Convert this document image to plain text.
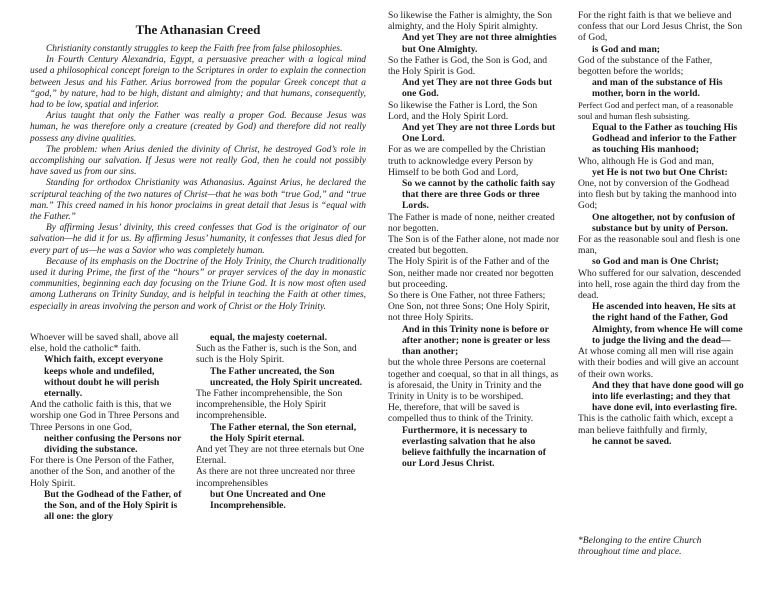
The Athanasian Creed

Christianity constantly struggles to keep the Faith free from false philosophies.

In Fourth Century Alexandria, Egypt, a persuasive preacher with a logical mind used a philosophical concept foreign to the Scriptures in order to explain the connection between Jesus and his Father. Arius borrowed from the popular Greek concept that a “god,” by nature, had to be high, distant and almighty; and that humans, consequently, had to be low, spatial and inferior.

Arius taught that only the Father was really a proper God. Because Jesus was human, he was therefore only a creature (created by God) and therefore did not really possess any divine qualities.

The problem: when Arius denied the divinity of Christ, he destroyed God’s role in accomplishing our salvation. If Jesus were not really God, then he could not possibly have saved us from our sins.

Standing for orthodox Christianity was Athanasius. Against Arius, he declared the scriptural teaching of the two natures of Christ—that he was both “true God,” and “true man.” This creed named in his honor proclaims in great detail that Jesus is “equal with the Father.”

By affirming Jesus’ divinity, this creed confesses that God is the originator of our salvation—he did it for us. By affirming Jesus’ humanity, it confesses that Jesus died for every part of us—he was a Savior who was completely human.

Because of its emphasis on the Doctrine of the Holy Trinity, the Church traditionally used it during Prime, the first of the “hours” or prayer services of the day in monastic communities, beginning each day focusing on the Triune God. It is now most often used among Lutherans on Trinity Sunday, and is helpful in teaching the Faith at other times, especially in areas involving the person and work of Christ or the Holy Trinity.

Whoever will be saved shall, above all else, hold the catholic* faith.
Which faith, except everyone keeps whole and undefiled, without doubt he will perish eternally.
And the catholic faith is this, that we worship one God in Three Persons and Three Persons in one God,
neither confusing the Persons nor dividing the substance.
For there is One Person of the Father, another of the Son, and another of the Holy Spirit.
But the Godhead of the Father, of the Son, and of the Holy Spirit is all one: the glory
equal, the majesty coeternal.
Such as the Father is, such is the Son, and such is the Holy Spirit.
The Father uncreated, the Son uncreated, the Holy Spirit uncreated.
The Father incomprehensible, the Son incomprehensible, the Holy Spirit incomprehensible.
The Father eternal, the Son eternal, the Holy Spirit eternal.
And yet They are not three eternals but One Eternal.
As there are not three uncreated nor three incomprehensibles
but One Uncreated and One Incomprehensible.
So likewise the Father is almighty, the Son almighty, and the Holy Spirit almighty.
And yet They are not three almighties but One Almighty.
So the Father is God, the Son is God, and the Holy Spirit is God.
And yet They are not three Gods but one God.
So likewise the Father is Lord, the Son Lord, and the Holy Spirit Lord.
And yet They are not three Lords but One Lord.
For as we are compelled by the Christian truth to acknowledge every Person by Himself to be both God and Lord,
So we cannot by the catholic faith say that there are three Gods or three Lords.
The Father is made of none, neither created nor begotten.
The Son is of the Father alone, not made nor created but begotten.
The Holy Spirit is of the Father and of the Son, neither made nor created nor begotten but proceeding.
So there is One Father, not three Fathers; One Son, not three Sons; One Holy Spirit, not three Holy Spirits.
And in this Trinity none is before or after another; none is greater or less than another;
but the whole three Persons are coeternal together and coequal, so that in all things, as is aforesaid, the Unity in Trinity and the Trinity in Unity is to be worshiped.
He, therefore, that will be saved is compelled thus to think of the Trinity.
Furthermore, it is necessary to everlasting salvation that he also believe faithfully the incarnation of our Lord Jesus Christ.
For the right faith is that we believe and confess that our Lord Jesus Christ, the Son of God,
is God and man;
God of the substance of the Father, begotten before the worlds;
and man of the substance of His mother, born in the world.
Perfect God and perfect man, of a reasonable soul and human flesh subsisting.
Equal to the Father as touching His Godhead and inferior to the Father as touching His manhood;
Who, although He is God and man,
yet He is not two but One Christ:
One, not by conversion of the Godhead into flesh but by taking the manhood into God;
One altogether, not by confusion of substance but by unity of Person.
For as the reasonable soul and flesh is one man,
so God and man is One Christ;
Who suffered for our salvation, descended into hell, rose again the third day from the dead.
He ascended into heaven, He sits at the right hand of the Father, God Almighty, from whence He will come to judge the living and the dead—
At whose coming all men will rise again with their bodies and will give an account of their own works.
And they that have done good will go into life everlasting; and they that have done evil, into everlasting fire.
This is the catholic faith which, except a man believe faithfully and firmly,
he cannot be saved.
*Belonging to the entire Church throughout time and place.
